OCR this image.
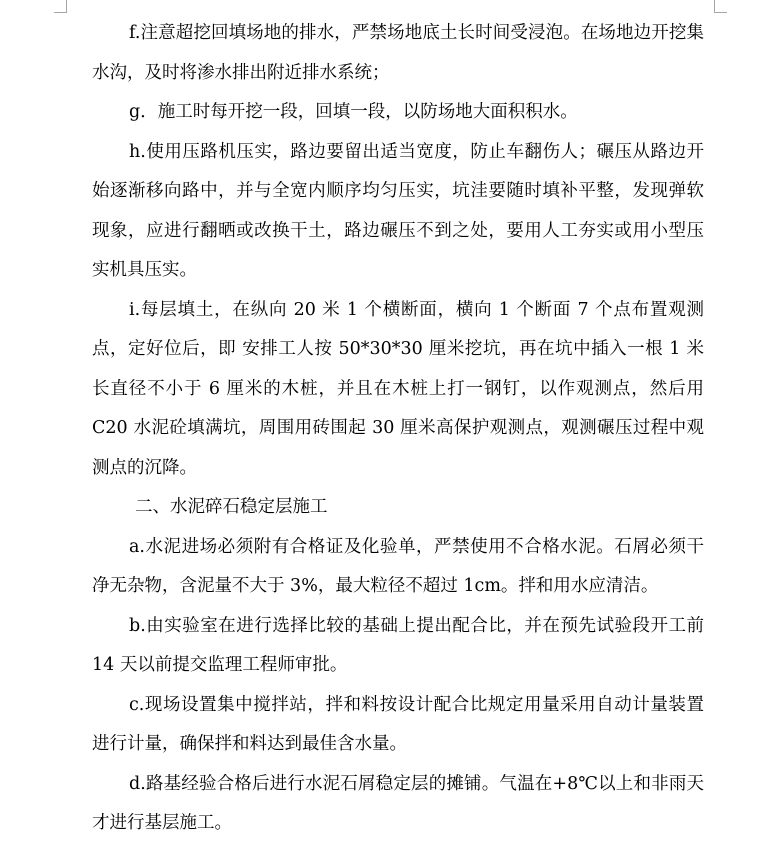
f.注意超挖回填场地的排水，严禁场地底土长时间受浸泡。在场地边开挖集水沟，及时将渗水排出附近排水系统；

g．施工时每开挖一段，回填一段，以防场地大面积积水。

h.使用压路机压实，路边要留出适当宽度，防止车翻伤人；碾压从路边开始逐渐移向路中，并与全宽内顺序均匀压实，坑洼要随时填补平整，发现弹软现象，应进行翻晒或改换干土，路边碾压不到之处，要用人工夯实或用小型压实机具压实。

i.每层填土，在纵向 20 米 1 个横断面，横向 1 个断面 7 个点布置观测点，定好位后，即 安排工人按 50*30*30 厘米挖坑，再在坑中插入一根 1 米长直径不小于 6 厘米的木桩，并且在木桩上打一钢钉，以作观测点，然后用 C20 水泥砼填满坑，周围用砖围起 30 厘米高保护观测点，观测碾压过程中观测点的沉降。

二、水泥碎石稳定层施工

a.水泥进场必须附有合格证及化验单，严禁使用不合格水泥。石屑必须干净无杂物，含泥量不大于 3%，最大粒径不超过 1cm。拌和用水应清洁。

b.由实验室在进行选择比较的基础上提出配合比，并在预先试验段开工前 14 天以前提交监理工程师审批。

c.现场设置集中搅拌站，拌和料按设计配合比规定用量采用自动计量装置进行计量，确保拌和料达到最佳含水量。

d.路基经验合格后进行水泥石屑稳定层的摊铺。气温在+8℃以上和非雨天才进行基层施工。
